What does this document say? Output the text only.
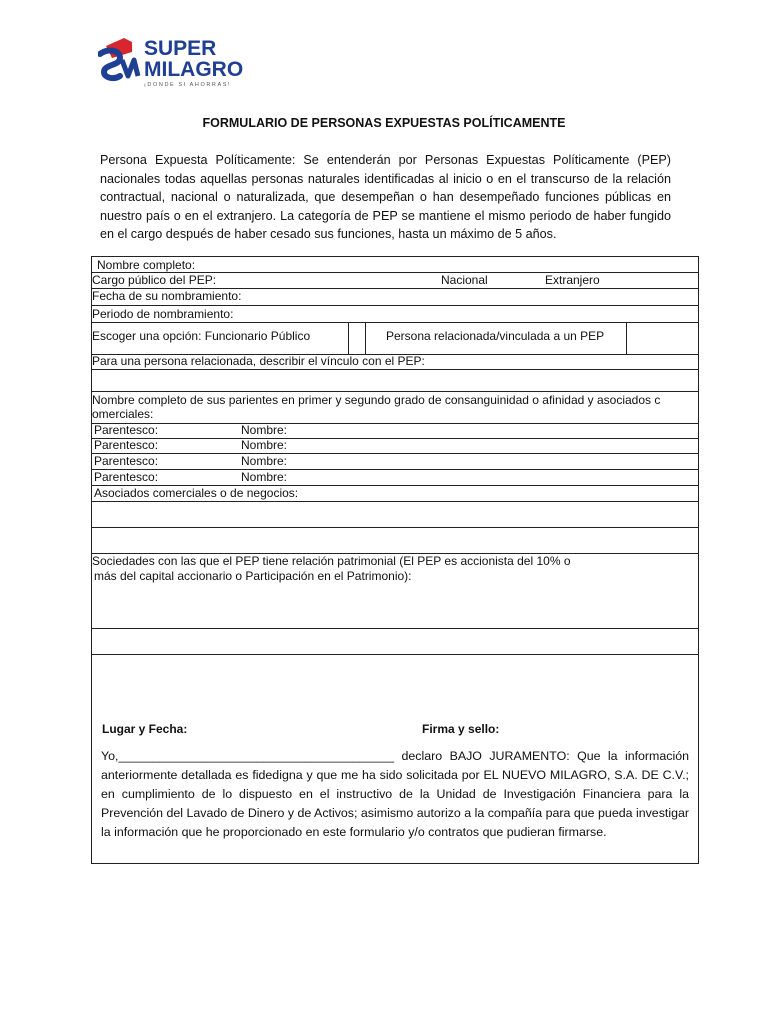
SUPER
MILAGRO
¡DONDE SI AHORRAS!
FORMULARIO DE PERSONAS EXPUESTAS POLÍTICAMENTE
Persona Expuesta Políticamente: Se entenderán por Personas Expuestas Políticamente (PEP) nacionales todas aquellas personas naturales identificadas al inicio o en el transcurso de la relación contractual, nacional o naturalizada, que desempeñan o han desempeñado funciones públicas en nuestro país o en el extranjero. La categoría de PEP se mantiene el mismo periodo de haber fungido en el cargo después de haber cesado sus funciones, hasta un máximo de 5 años.
Nombre completo:
Cargo público del PEP:	Nacional	Extranjero
Fecha de su nombramiento:
Periodo de nombramiento:
Escoger una opción: Funcionario Público	Persona relacionada/vinculada a un PEP
Para una persona relacionada, describir el vínculo con el PEP:
Nombre completo de sus parientes en primer y segundo grado de consanguinidad o afinidad y asociados c
omerciales:
Parentesco:	Nombre:
Parentesco:	Nombre:
Parentesco:	Nombre:
Parentesco:	Nombre:
Asociados comerciales o de negocios:
Sociedades con las que el PEP tiene relación patrimonial (El PEP es accionista del 10% o
más del capital accionario o Participación en el Patrimonio):
Lugar y Fecha:	Firma y sello:
Yo,________________________________________ declaro BAJO JURAMENTO: Que la información anteriormente detallada es fidedigna y que me ha sido solicitada por EL NUEVO MILAGRO, S.A. DE C.V.; en cumplimiento de lo dispuesto en el instructivo de la Unidad de Investigación Financiera para la Prevención del Lavado de Dinero y de Activos; asimismo autorizo a la compañía para que pueda investigar la información que he proporcionado en este formulario y/o contratos que pudieran firmarse.
